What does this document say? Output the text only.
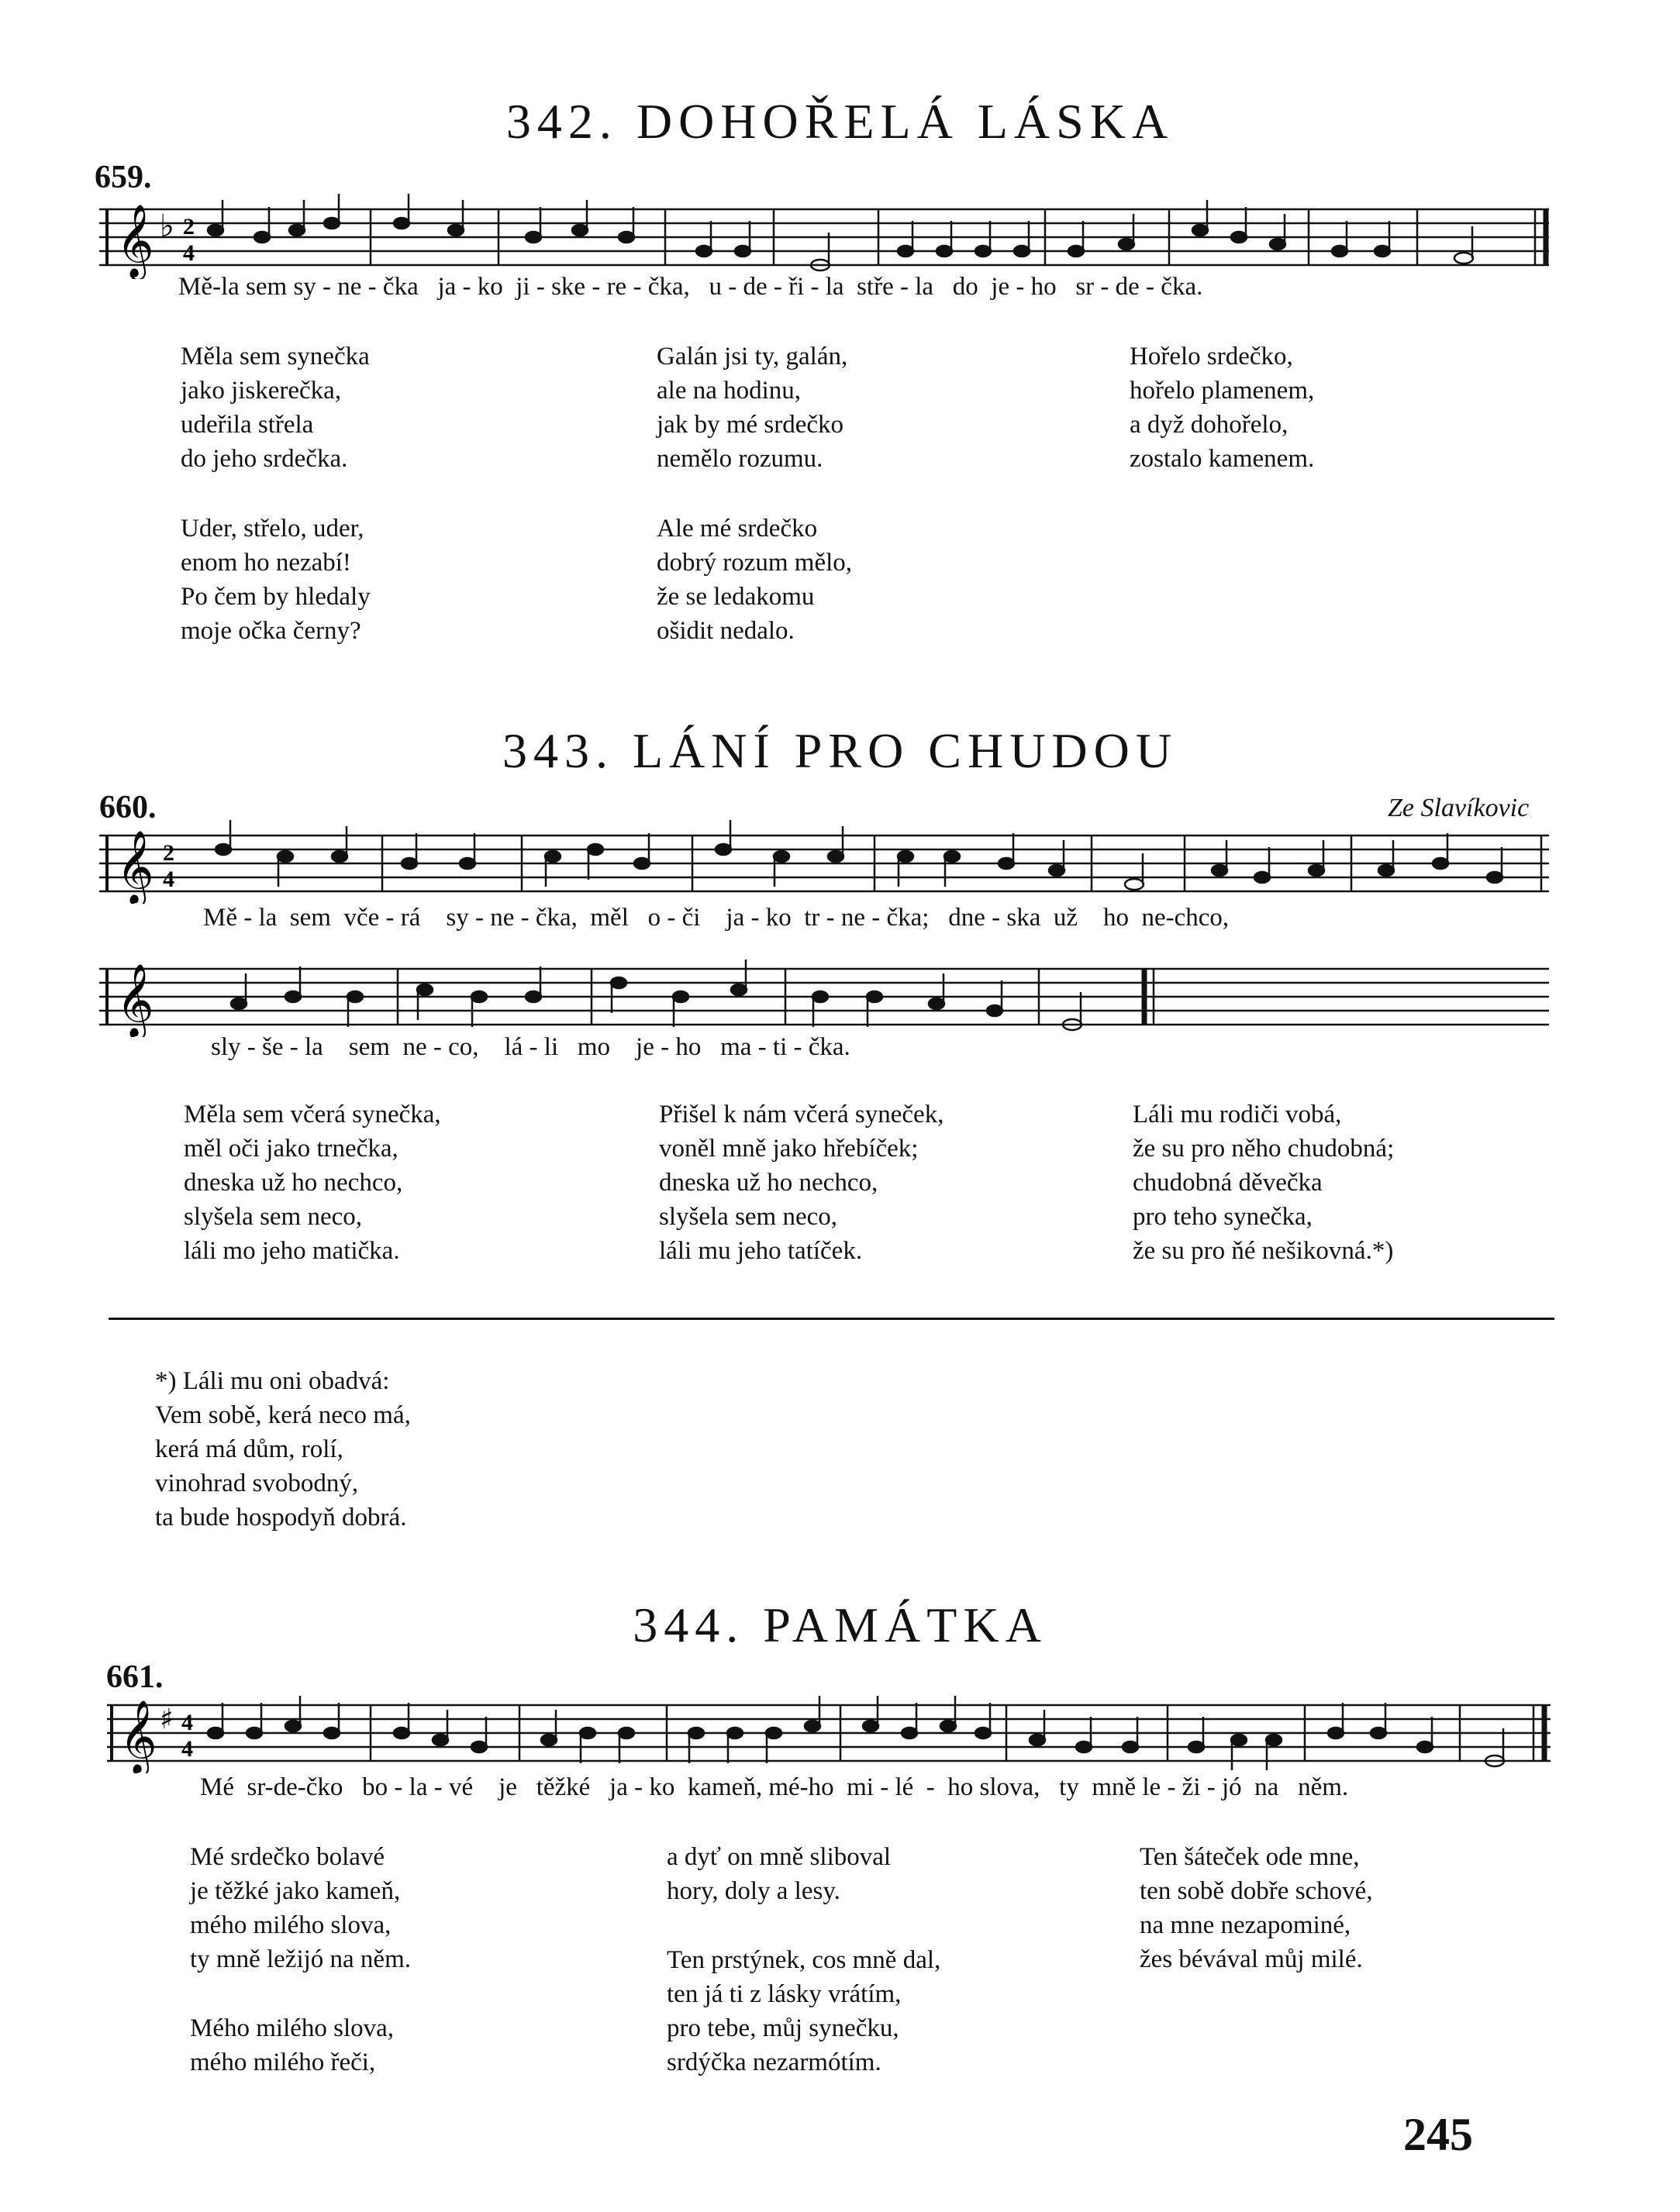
342. DOHOŘELÁ LÁSKA
659.
𝄞 ♭ 2
4
Mě-la sem sy - ne - čka   ja - ko  ji - ske - re - čka,   u - de - ři - la  stře - la   do  je - ho   sr - de - čka.
Měla sem synečka
jako jiskerečka,
udeřila střela
do jeho srdečka.
Galán jsi ty, galán,
ale na hodinu,
jak by mé srdečko
nemělo rozumu.
Hořelo srdečko,
hořelo plamenem,
a dyž dohořelo,
zostalo kamenem.
Uder, střelo, uder,
enom ho nezabí!
Po čem by hledaly
moje očka černy?
Ale mé srdečko
dobrý rozum mělo,
že se ledakomu
ošidit nedalo.
343. LÁNÍ PRO CHUDOU
660.	Ze Slavíkovic
𝄞 2
4
Mě - la  sem  vče - rá    sy - ne - čka,  měl   o - či    ja - ko  tr - ne - čka;   dne - ska  už    ho  ne-chco,
𝄞
sly - še - la    sem  ne - co,    lá - li   mo    je - ho   ma - ti - čka.
Měla sem včerá synečka,
měl oči jako trnečka,
dneska už ho nechco,
slyšela sem neco,
láli mo jeho matička.
Přišel k nám včerá syneček,
voněl mně jako hřebíček;
dneska už ho nechco,
slyšela sem neco,
láli mu jeho tatíček.
Láli mu rodiči vobá,
že su pro něho chudobná;
chudobná děvečka
pro teho synečka,
že su pro ňé nešikovná.*)
*) Láli mu oni obadvá:
Vem sobě, kerá neco má,
kerá má dům, rolí,
vinohrad svobodný,
ta bude hospodyň dobrá.
344. PAMÁTKA
661.
𝄞 ♯ 4
4
Mé  sr-de-čko   bo - la - vé    je   těžké   ja - ko  kameň, mé-ho  mi - lé  -  ho slova,   ty  mně le - ži - jó  na   něm.
Mé srdečko bolavé
je těžké jako kameň,
mého milého slova,
ty mně ležijó na něm.
a dyť on mně sliboval
hory, doly a lesy.
Ten šáteček ode mne,
ten sobě dobře schové,
na mne nezapominé,
žes bévával můj milé.
Mého milého slova,
mého milého řeči,
Ten prstýnek, cos mně dal,
ten já ti z lásky vrátím,
pro tebe, můj synečku,
srdýčka nezarmótím.
245
